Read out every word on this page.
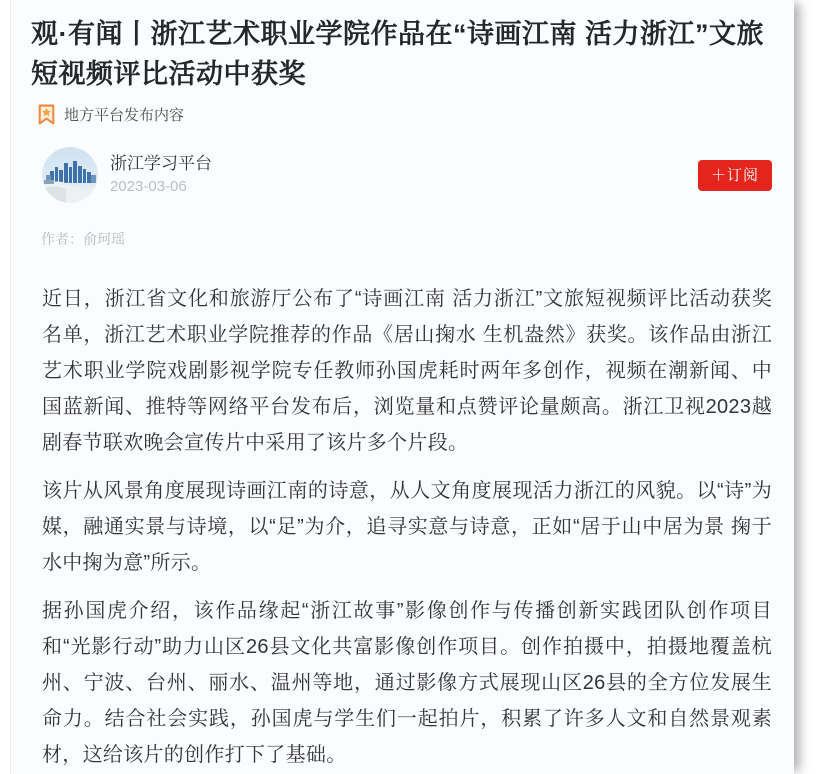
观·有闻丨浙江艺术职业学院作品在“诗画江南 活力浙江”文旅短视频评比活动中获奖
地方平台发布内容
浙江学习平台
2023-03-06
＋订阅
作者：俞珂瑶

近日，浙江省文化和旅游厅公布了“诗画江南 活力浙江”文旅短视频评比活动获奖名单，浙江艺术职业学院推荐的作品《居山掬水 生机盎然》获奖。该作品由浙江艺术职业学院戏剧影视学院专任教师孙国虎耗时两年多创作，视频在潮新闻、中国蓝新闻、推特等网络平台发布后，浏览量和点赞评论量颇高。浙江卫视2023越剧春节联欢晚会宣传片中采用了该片多个片段。

该片从风景角度展现诗画江南的诗意，从人文角度展现活力浙江的风貌。以“诗”为媒，融通实景与诗境，以“足”为介，追寻实意与诗意，正如“居于山中居为景 掬于水中掬为意”所示。

据孙国虎介绍，该作品缘起“浙江故事”影像创作与传播创新实践团队创作项目和“光影行动”助力山区26县文化共富影像创作项目。创作拍摄中，拍摄地覆盖杭州、宁波、台州、丽水、温州等地，通过影像方式展现山区26县的全方位发展生命力。结合社会实践，孙国虎与学生们一起拍片，积累了许多人文和自然景观素材，这给该片的创作打下了基础。
